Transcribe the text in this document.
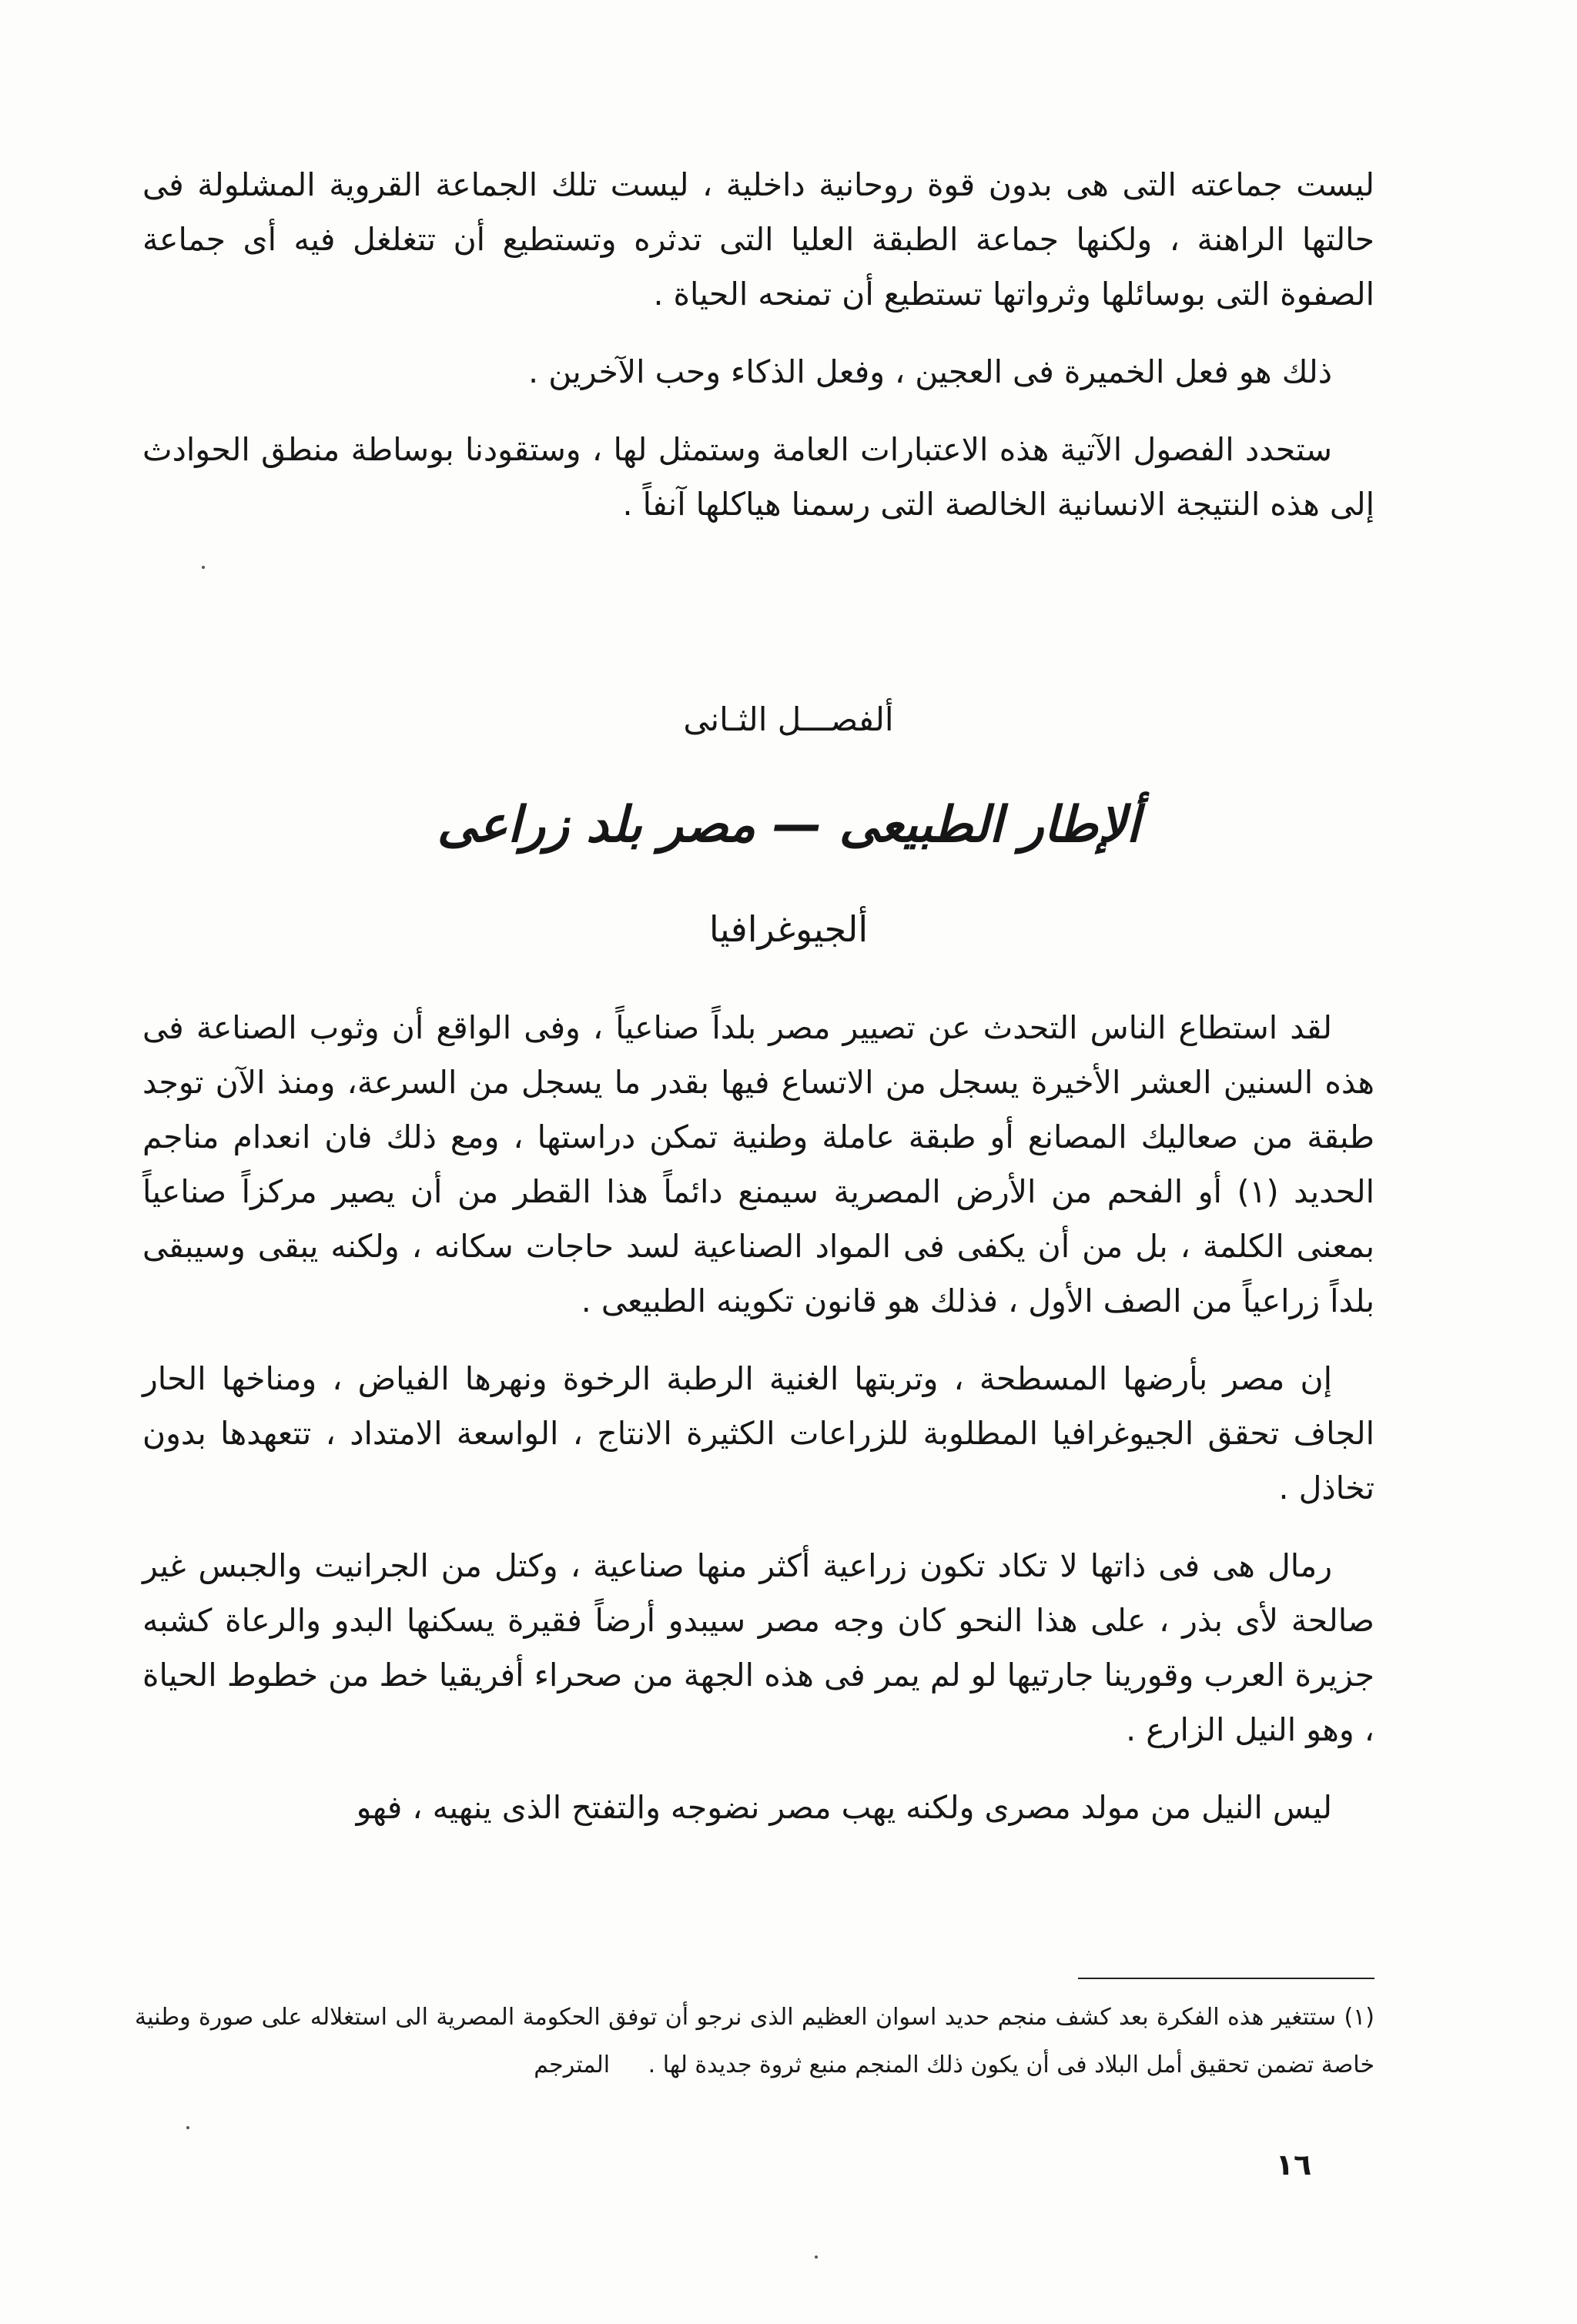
ليست جماعته التى هى بدون قوة روحانية داخلية ، ليست تلك الجماعة القروية المشلولة فى حالتها الراهنة ، ولكنها جماعة الطبقة العليا التى تدثره وتستطيع أن تتغلغل فيه أى جماعة الصفوة التى بوسائلها وثرواتها تستطيع أن تمنحه الحياة .

ذلك هو فعل الخميرة فى العجين ، وفعل الذكاء وحب الآخرين .

ستحدد الفصول الآتية هذه الاعتبارات العامة وستمثل لها ، وستقودنا بوساطة منطق الحوادث إلى هذه النتيجة الانسانية الخالصة التى رسمنا هياكلها آنفاً .

ألفصـــل الثـانى
ألإطار الطبيعى — مصر بلد زراعى
ألجيوغرافيا

لقد استطاع الناس التحدث عن تصيير مصر بلداً صناعياً ، وفى الواقع أن وثوب الصناعة فى هذه السنين العشر الأخيرة يسجل من الاتساع فيها بقدر ما يسجل من السرعة، ومنذ الآن توجد طبقة من صعاليك المصانع أو طبقة عاملة وطنية تمكن دراستها ، ومع ذلك فان انعدام مناجم الحديد (١) أو الفحم من الأرض المصرية سيمنع دائماً هذا القطر من أن يصير مركزاً صناعياً بمعنى الكلمة ، بل من أن يكفى فى المواد الصناعية لسد حاجات سكانه ، ولكنه يبقى وسيبقى بلداً زراعياً من الصف الأول ، فذلك هو قانون تكوينه الطبيعى .

إن مصر بأرضها المسطحة ، وتربتها الغنية الرطبة الرخوة ونهرها الفياض ، ومناخها الحار الجاف تحقق الجيوغرافيا المطلوبة للزراعات الكثيرة الانتاج ، الواسعة الامتداد ، تتعهدها بدون تخاذل .

رمال هى فى ذاتها لا تكاد تكون زراعية أكثر منها صناعية ، وكتل من الجرانيت والجبس غير صالحة لأى بذر ، على هذا النحو كان وجه مصر سيبدو أرضاً فقيرة يسكنها البدو والرعاة كشبه جزيرة العرب وقورينا جارتيها لو لم يمر فى هذه الجهة من صحراء أفريقيا خط من خطوط الحياة ، وهو النيل الزارع .

ليس النيل من مولد مصرى ولكنه يهب مصر نضوجه والتفتح الذى ينهيه ، فهو

(١) ستتغير هذه الفكرة بعد كشف منجم حديد اسوان العظيم الذى نرجو أن توفق الحكومة المصرية الى استغلاله على صورة وطنية خاصة تضمن تحقيق أمل البلاد فى أن يكون ذلك المنجم منبع ثروة جديدة لها . المترجم
١٦
